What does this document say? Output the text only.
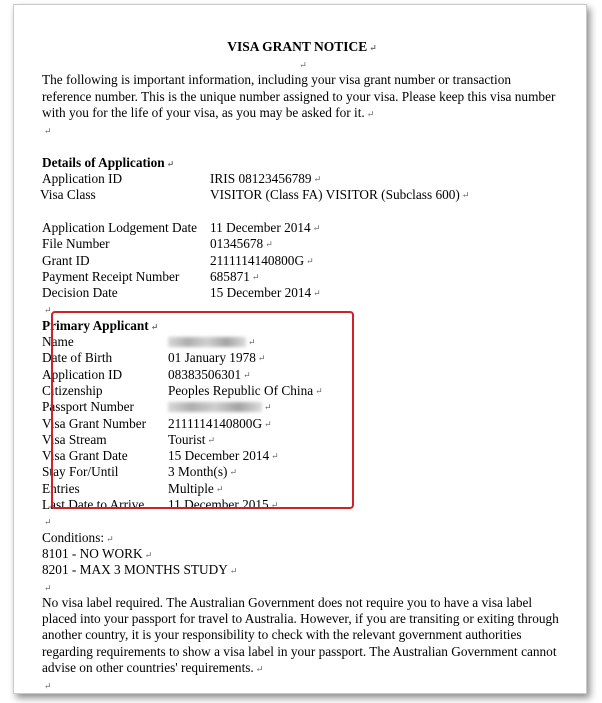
VISA GRANT NOTICE ↵
↵
The following is important information, including your visa grant number or transaction reference number. This is the unique number assigned to your visa. Please keep this visa number with you for the life of your visa, as you may be asked for it. ↵
↵
Details of Application ↵
Application ID	IRIS 08123456789 ↵
Visa Class	VISITOR (Class FA) VISITOR (Subclass 600) ↵
Application Lodgement Date 11 December 2014 ↵
File Number	01345678 ↵
Grant ID	2111114140800G ↵
Payment Receipt Number	685871 ↵
Decision Date	15 December 2014 ↵
↵
Primary Applicant ↵
Name	↵
Date of Birth	01 January 1978 ↵
Application ID	08383506301 ↵
Citizenship	Peoples Republic Of China ↵
Passport Number	↵
Visa Grant Number	2111114140800G ↵
Visa Stream	Tourist ↵
Visa Grant Date	15 December 2014 ↵
Stay For/Until	3 Month(s) ↵
Entries	Multiple ↵
Last Date to Arrive	11 December 2015 ↵
↵
Conditions: ↵
8101 - NO WORK ↵
8201 - MAX 3 MONTHS STUDY ↵
↵
No visa label required. The Australian Government does not require you to have a visa label placed into your passport for travel to Australia. However, if you are transiting or exiting through another country, it is your responsibility to check with the relevant government authorities regarding requirements to show a visa label in your passport. The Australian Government cannot advise on other countries' requirements. ↵
↵
